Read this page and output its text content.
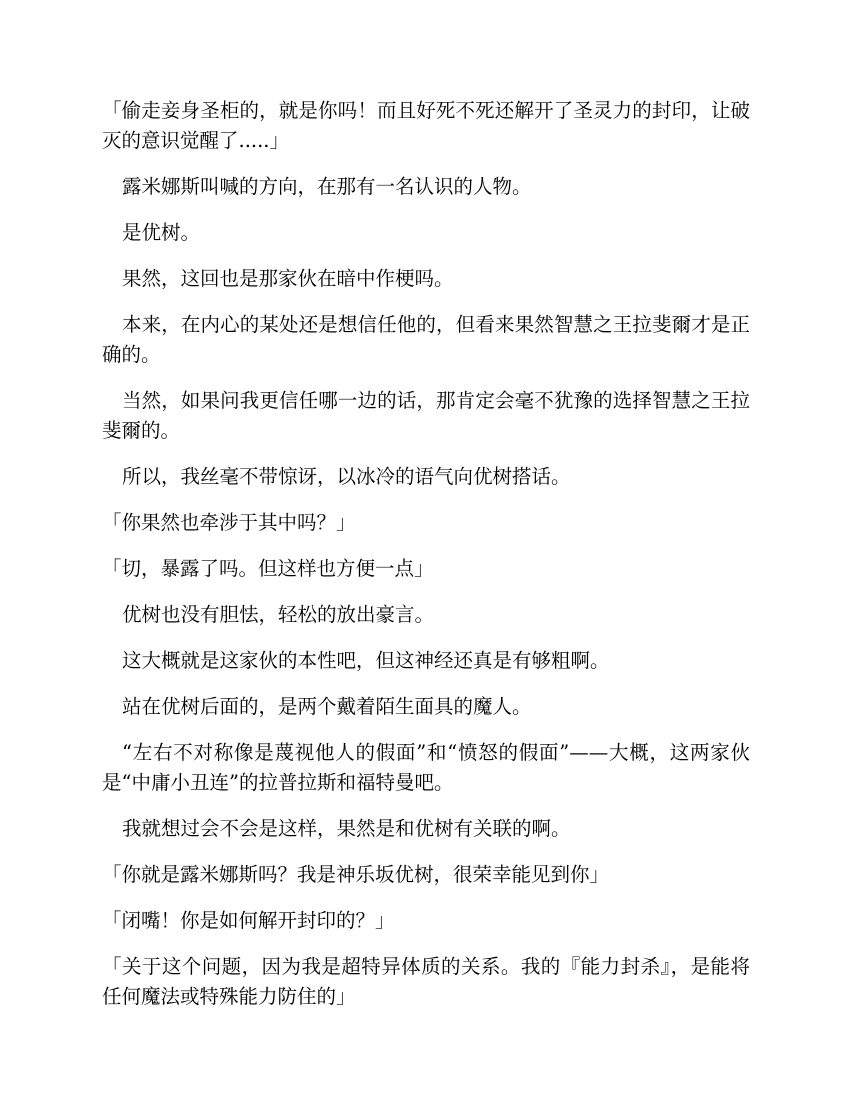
「偷走妾身圣柜的，就是你吗！而且好死不死还解开了圣灵力的封印，让破灭的意识觉醒了.....」

露米娜斯叫喊的方向，在那有一名认识的人物。

是优树。

果然，这回也是那家伙在暗中作梗吗。

本来，在内心的某处还是想信任他的，但看来果然智慧之王拉斐爾才是正确的。

当然，如果问我更信任哪一边的话，那肯定会毫不犹豫的选择智慧之王拉斐爾的。

所以，我丝毫不带惊讶，以冰冷的语气向优树搭话。

「你果然也牵涉于其中吗？」

「切，暴露了吗。但这样也方便一点」

优树也没有胆怯，轻松的放出豪言。

这大概就是这家伙的本性吧，但这神经还真是有够粗啊。

站在优树后面的，是两个戴着陌生面具的魔人。

“左右不对称像是蔑视他人的假面”和“愤怒的假面”——大概，这两家伙是“中庸小丑连”的拉普拉斯和福特曼吧。

我就想过会不会是这样，果然是和优树有关联的啊。

「你就是露米娜斯吗？我是神乐坂优树，很荣幸能见到你」

「闭嘴！你是如何解开封印的？」

「关于这个问题，因为我是超特异体质的关系。我的『能力封杀』，是能将任何魔法或特殊能力防住的」
